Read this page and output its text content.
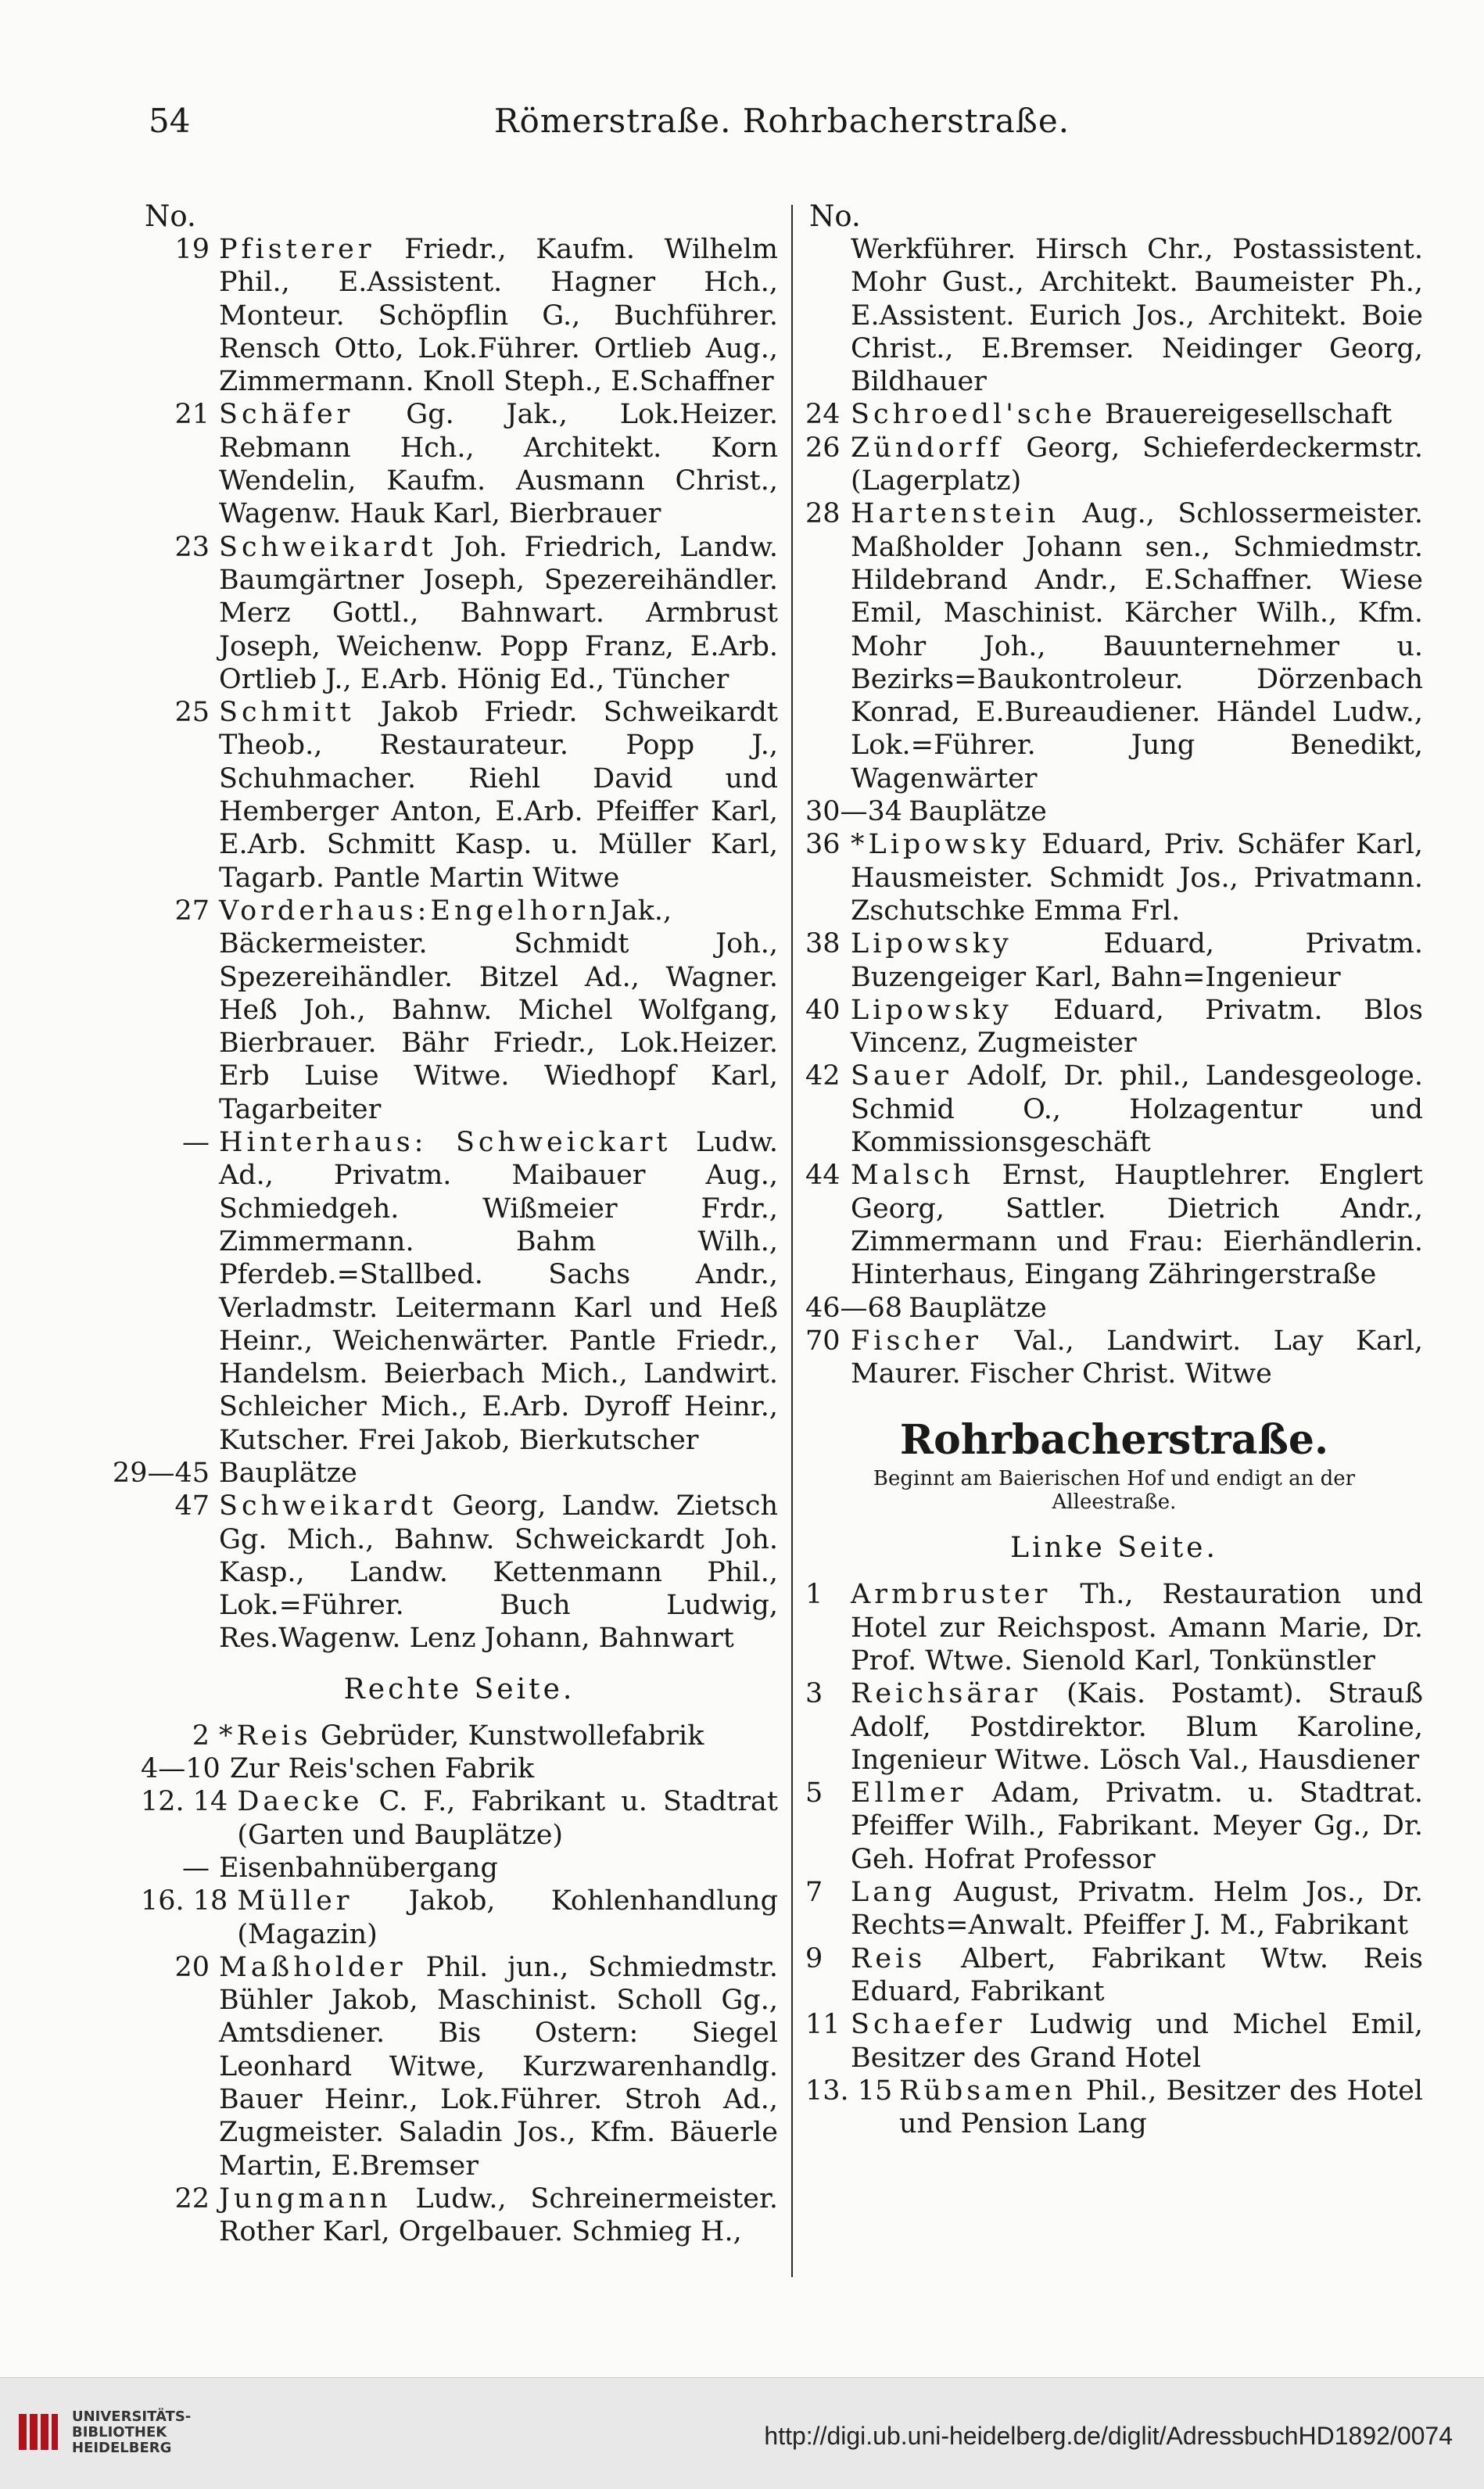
54	Römerstraße. Rohrbacherstraße.
No.
19 Pfisterer Friedr., Kaufm. Wilhelm Phil., E.Assistent. Hagner Hch., Monteur. Schöpflin G., Buchführer. Rensch Otto, Lok.Führer. Ortlieb Aug., Zimmermann. Knoll Steph., E.Schaffner
21 Schäfer Gg. Jak., Lok.Heizer. Rebmann Hch., Architekt. Korn Wendelin, Kaufm. Ausmann Christ., Wagenw. Hauk Karl, Bierbrauer
23 Schweikardt Joh. Friedrich, Landw. Baumgärtner Joseph, Spezereihändler. Merz Gottl., Bahnwart. Armbrust Joseph, Weichenw. Popp Franz, E.Arb. Ortlieb J., E.Arb. Hönig Ed., Tüncher
25 Schmitt Jakob Friedr. Schweikardt Theob., Restaurateur. Popp J., Schuhmacher. Riehl David und Hemberger Anton, E.Arb. Pfeiffer Karl, E.Arb. Schmitt Kasp. u. Müller Karl, Tagarb. Pantle Martin Witwe
27 Vorderhaus:EngelhornJak., Bäckermeister. Schmidt Joh., Spezereihändler. Bitzel Ad., Wagner. Heß Joh., Bahnw. Michel Wolfgang, Bierbrauer. Bähr Friedr., Lok.Heizer. Erb Luise Witwe. Wiedhopf Karl, Tagarbeiter
— Hinterhaus: Schweickart Ludw. Ad., Privatm. Maibauer Aug., Schmiedgeh. Wißmeier Frdr., Zimmermann. Bahm Wilh., Pferdeb.=Stallbed. Sachs Andr., Verladmstr. Leitermann Karl und Heß Heinr., Weichenwärter. Pantle Friedr., Handelsm. Beierbach Mich., Landwirt. Schleicher Mich., E.Arb. Dyroff Heinr., Kutscher. Frei Jakob, Bierkutscher
29—45 Bauplätze
47 Schweikardt Georg, Landw. Zietsch Gg. Mich., Bahnw. Schweickardt Joh. Kasp., Landw. Kettenmann Phil., Lok.=Führer. Buch Ludwig, Res.Wagenw. Lenz Johann, Bahnwart
Rechte Seite.
2 *Reis Gebrüder, Kunstwollefabrik
4—10 Zur Reis'schen Fabrik
12. 14 Daecke C. F., Fabrikant u. Stadtrat (Garten und Bauplätze)
— Eisenbahnübergang
16. 18 Müller Jakob, Kohlenhandlung (Magazin)
20 Maßholder Phil. jun., Schmiedmstr. Bühler Jakob, Maschinist. Scholl Gg., Amtsdiener. Bis Ostern: Siegel Leonhard Witwe, Kurzwarenhandlg. Bauer Heinr., Lok.Führer. Stroh Ad., Zugmeister. Saladin Jos., Kfm. Bäuerle Martin, E.Bremser
22 Jungmann Ludw., Schreinermeister. Rother Karl, Orgelbauer. Schmieg H.,
No.
Werkführer. Hirsch Chr., Postassistent. Mohr Gust., Architekt. Baumeister Ph., E.Assistent. Eurich Jos., Architekt. Boie Christ., E.Bremser. Neidinger Georg, Bildhauer
24 Schroedl'sche Brauereigesellschaft
26 Zündorff Georg, Schieferdeckermstr. (Lagerplatz)
28 Hartenstein Aug., Schlossermeister. Maßholder Johann sen., Schmiedmstr. Hildebrand Andr., E.Schaffner. Wiese Emil, Maschinist. Kärcher Wilh., Kfm. Mohr Joh., Bauunternehmer u. Bezirks=Baukontroleur. Dörzenbach Konrad, E.Bureaudiener. Händel Ludw., Lok.=Führer. Jung Benedikt, Wagenwärter
30—34 Bauplätze
36 *Lipowsky Eduard, Priv. Schäfer Karl, Hausmeister. Schmidt Jos., Privatmann. Zschutschke Emma Frl.
38 Lipowsky Eduard, Privatm. Buzengeiger Karl, Bahn=Ingenieur
40 Lipowsky Eduard, Privatm. Blos Vincenz, Zugmeister
42 Sauer Adolf, Dr. phil., Landesgeologe. Schmid O., Holzagentur und Kommissionsgeschäft
44 Malsch Ernst, Hauptlehrer. Englert Georg, Sattler. Dietrich Andr., Zimmermann und Frau: Eierhändlerin. Hinterhaus, Eingang Zähringerstraße
46—68 Bauplätze
70 Fischer Val., Landwirt. Lay Karl, Maurer. Fischer Christ. Witwe
Rohrbacherstraße.
Beginnt am Baierischen Hof und endigt an der Alleestraße.
Linke Seite.
1	Armbruster Th., Restauration und Hotel zur Reichspost. Amann Marie, Dr. Prof. Wtwe. Sienold Karl, Tonkünstler
3	Reichsärar (Kais. Postamt). Strauß Adolf, Postdirektor. Blum Karoline, Ingenieur Witwe. Lösch Val., Hausdiener
5	Ellmer Adam, Privatm. u. Stadtrat. Pfeiffer Wilh., Fabrikant. Meyer Gg., Dr. Geh. Hofrat Professor
7	Lang August, Privatm. Helm Jos., Dr. Rechts=Anwalt. Pfeiffer J. M., Fabrikant
9	Reis Albert, Fabrikant Wtw. Reis Eduard, Fabrikant
11 Schaefer Ludwig und Michel Emil, Besitzer des Grand Hotel
13. 15 Rübsamen Phil., Besitzer des Hotel und Pension Lang
UNIVERSITÄTS-
BIBLIOTHEK
HEIDELBERG	http://digi.ub.uni-heidelberg.de/diglit/AdressbuchHD1892/0074
